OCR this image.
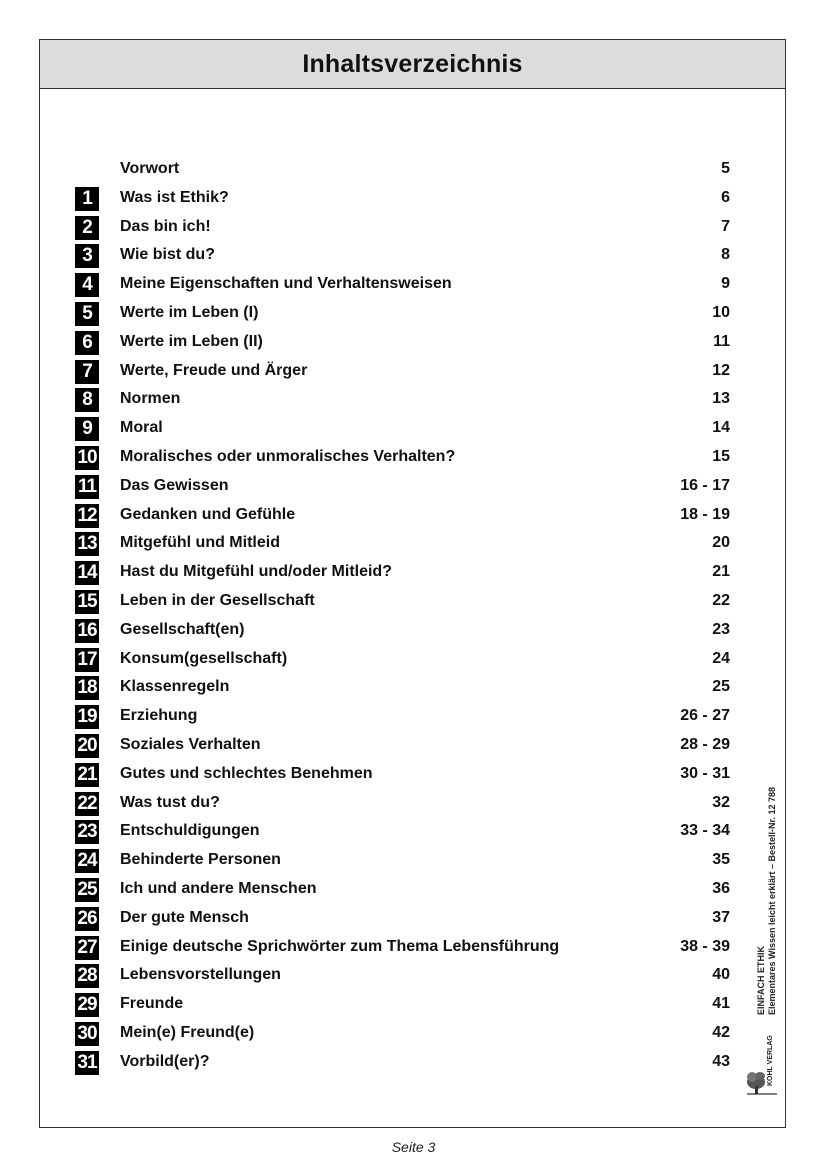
Inhaltsverzeichnis
Vorwort	5
1	Was ist Ethik?	6
2	Das bin ich!	7
3	Wie bist du?	8
4	Meine Eigenschaften und Verhaltensweisen	9
5	Werte im Leben (I)	10
6	Werte im Leben (II)	11
7	Werte, Freude und Ärger	12
8	Normen	13
9	Moral	14
10 Moralisches oder unmoralisches Verhalten?	15
11 Das Gewissen	16 - 17
12 Gedanken und Gefühle	18 - 19
13 Mitgefühl und Mitleid	20
14 Hast du Mitgefühl und/oder Mitleid?	21
15 Leben in der Gesellschaft	22
16 Gesellschaft(en)	23
17 Konsum(gesellschaft)	24
18 Klassenregeln	25
19 Erziehung	26 - 27
20 Soziales Verhalten	28 - 29
21 Gutes und schlechtes Benehmen	30 - 31
22 Was tust du?	32
23 Entschuldigungen	33 - 34
24 Behinderte Personen	35
25 Ich und andere Menschen	36
26 Der gute Mensch	37
27 Einige deutsche Sprichwörter zum Thema Lebensführung	38 - 39
28 Lebensvorstellungen	40
29 Freunde	41
30 Mein(e) Freund(e)	42
31 Vorbild(er)?	43
EINFACH ETHIK Elementares Wissen leicht erklärt – Bestell-Nr. 12 788
KOHL VERLAG
Seite 3
